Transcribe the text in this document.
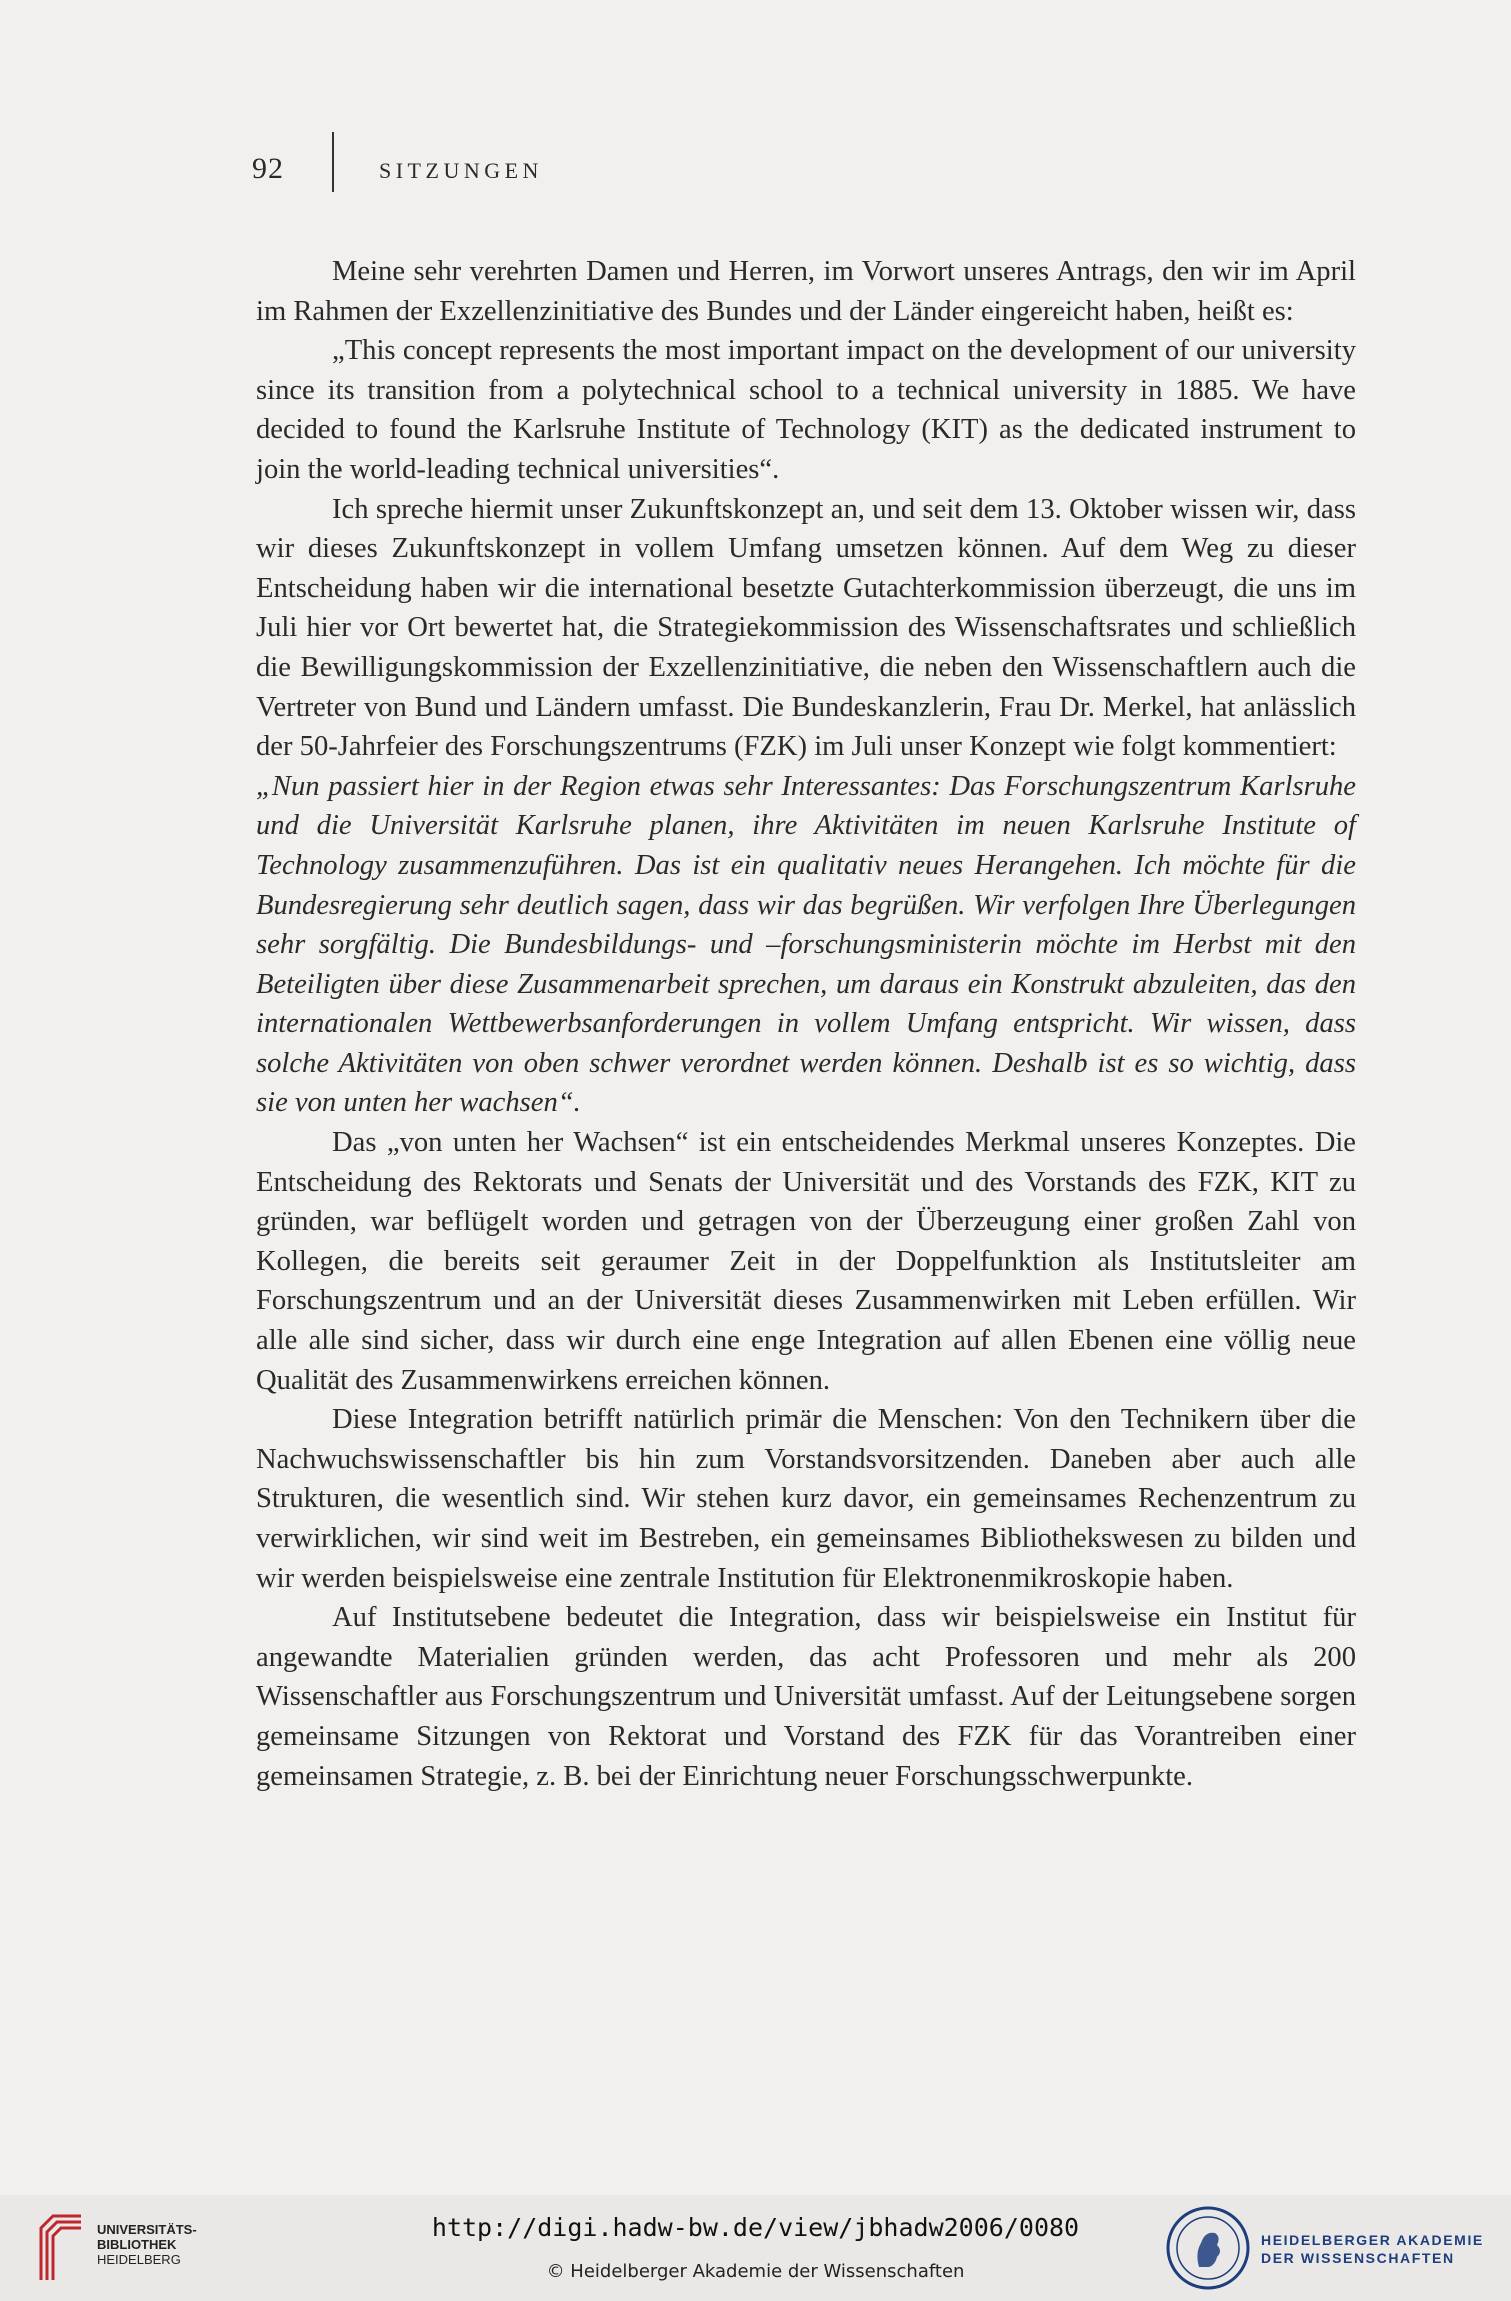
92	SITZUNGEN

Meine sehr verehrten Damen und Herren, im Vorwort unseres Antrags, den wir im April im Rahmen der Exzellenzinitiative des Bundes und der Länder eingereicht haben, heißt es:

„This concept represents the most important impact on the development of our university since its transition from a polytechnical school to a technical university in 1885. We have decided to found the Karlsruhe Institute of Technology (KIT) as the dedicated instrument to join the world-leading technical universities“.

Ich spreche hiermit unser Zukunftskonzept an, und seit dem 13. Oktober wissen wir, dass wir dieses Zukunftskonzept in vollem Umfang umsetzen können. Auf dem Weg zu dieser Entscheidung haben wir die international besetzte Gutachterkommission überzeugt, die uns im Juli hier vor Ort bewertet hat, die Strategiekommission des Wissenschaftsrates und schließlich die Bewilligungskommission der Exzellenzinitiative, die neben den Wissenschaftlern auch die Vertreter von Bund und Ländern umfasst. Die Bundeskanzlerin, Frau Dr. Merkel, hat anlässlich der 50-Jahrfeier des Forschungszentrums (FZK) im Juli unser Konzept wie folgt kommentiert:

„Nun passiert hier in der Region etwas sehr Interessantes: Das Forschungszentrum Karlsruhe und die Universität Karlsruhe planen, ihre Aktivitäten im neuen Karlsruhe Institute of Technology zusammenzuführen. Das ist ein qualitativ neues Herangehen. Ich möchte für die Bundesregierung sehr deutlich sagen, dass wir das begrüßen. Wir verfolgen Ihre Überlegungen sehr sorgfältig. Die Bundesbildungs- und –forschungsministerin möchte im Herbst mit den Beteiligten über diese Zusammenarbeit sprechen, um daraus ein Konstrukt abzuleiten, das den internationalen Wettbewerbsanforderungen in vollem Umfang entspricht. Wir wissen, dass solche Aktivitäten von oben schwer verordnet werden können. Deshalb ist es so wichtig, dass sie von unten her wachsen“.

Das „von unten her Wachsen“ ist ein entscheidendes Merkmal unseres Konzeptes. Die Entscheidung des Rektorats und Senats der Universität und des Vorstands des FZK, KIT zu gründen, war beflügelt worden und getragen von der Überzeugung einer großen Zahl von Kollegen, die bereits seit geraumer Zeit in der Doppelfunktion als Institutsleiter am Forschungszentrum und an der Universität dieses Zusammenwirken mit Leben erfüllen. Wir alle alle sind sicher, dass wir durch eine enge Integration auf allen Ebenen eine völlig neue Qualität des Zusammenwirkens erreichen können.

Diese Integration betrifft natürlich primär die Menschen: Von den Technikern über die Nachwuchswissenschaftler bis hin zum Vorstandsvorsitzenden. Daneben aber auch alle Strukturen, die wesentlich sind. Wir stehen kurz davor, ein gemeinsames Rechenzentrum zu verwirklichen, wir sind weit im Bestreben, ein gemeinsames Bibliothekswesen zu bilden und wir werden beispielsweise eine zentrale Institution für Elektronenmikroskopie haben.

Auf Institutsebene bedeutet die Integration, dass wir beispielsweise ein Institut für angewandte Materialien gründen werden, das acht Professoren und mehr als 200 Wissenschaftler aus Forschungszentrum und Universität umfasst. Auf der Leitungsebene sorgen gemeinsame Sitzungen von Rektorat und Vorstand des FZK für das Vorantreiben einer gemeinsamen Strategie, z. B. bei der Einrichtung neuer Forschungsschwerpunkte.

UNIVERSITÄTS-
BIBLIOTHEK
HEIDELBERG
http://digi.hadw-bw.de/view/jbhadw2006/0080
© Heidelberger Akademie der Wissenschaften
HEIDELBERGER AKADEMIE
DER WISSENSCHAFTEN
